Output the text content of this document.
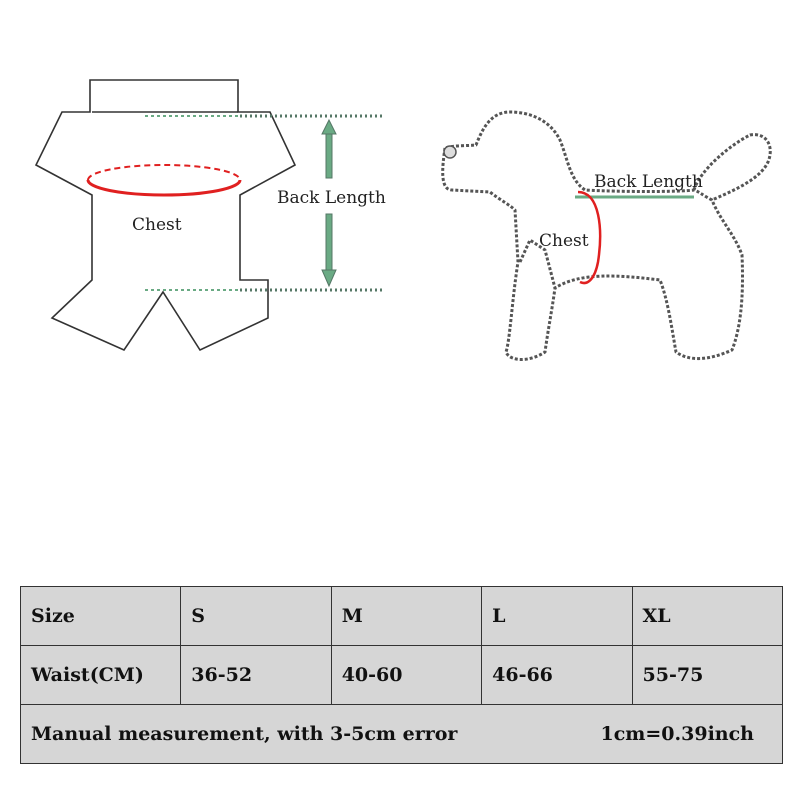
Chest
Back Length
Back Length
Chest
Size	S	M	L	XL
Waist(CM)	36-52	40-60	46-66	55-75

Manual measurement, with 3-5cm error 1cm=0.39inch				
